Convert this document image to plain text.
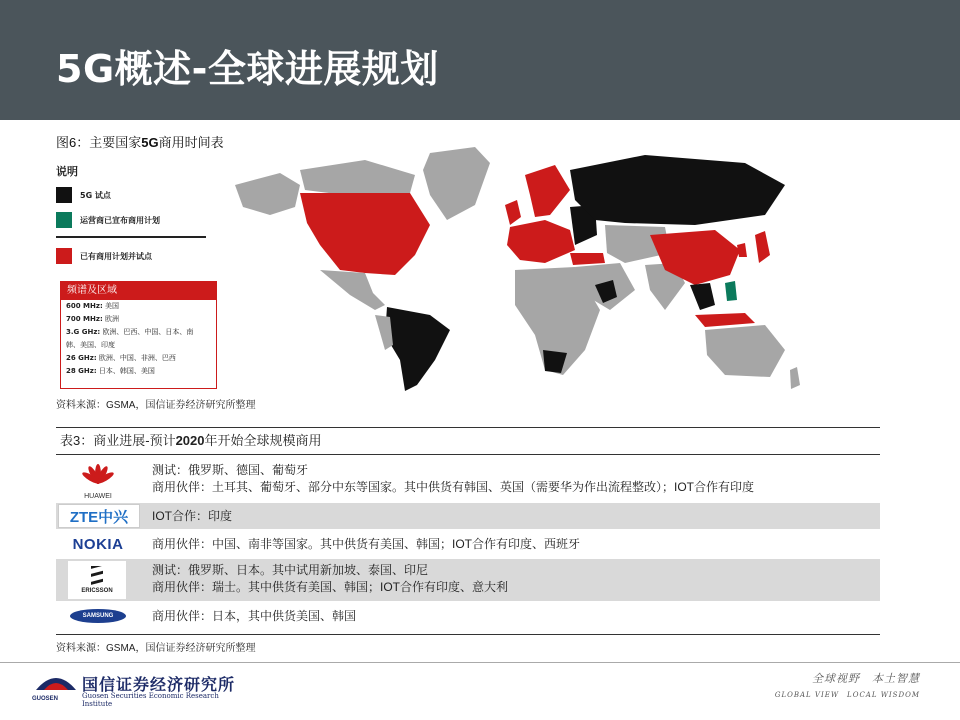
5G概述-全球进展规划
图6：主要国家5G商用时间表
说明
5G 试点
运营商已宣布商用计划
已有商用计划并试点
频谱及区域
600 MHz: 美国
700 MHz: 欧洲
3.G GHz: 欧洲、巴西、中国、日本、南
韩、美国、印度
26 GHz: 欧洲、中国、非洲、巴西
28 GHz: 日本、韩国、美国
资料来源：GSMA，国信证券经济研究所整理
表3：商业进展-预计2020年开始全球规模商用
HUAWEI
测试：俄罗斯、德国、葡萄牙
商用伙伴：土耳其、葡萄牙、部分中东等国家。其中供货有韩国、英国（需要华为作出流程整改）；IOT合作有印度
ZTE中兴 IOT合作：印度
NOKIA 商用伙伴：中国、南非等国家。其中供货有美国、韩国；IOT合作有印度、西班牙
ERICSSON
测试：俄罗斯、日本。其中试用新加坡、泰国、印尼
商用伙伴：瑞士。其中供货有美国、韩国；IOT合作有印度、意大利
SAMSUNG	商用伙伴：日本，其中供货美国、韩国
资料来源：GSMA，国信证券经济研究所整理
GUOSEN
国信证券经济研究所
Guosen Securities Economic Research Institute
全球视野　本土智慧
GLOBAL VIEW　LOCAL WISDOM
